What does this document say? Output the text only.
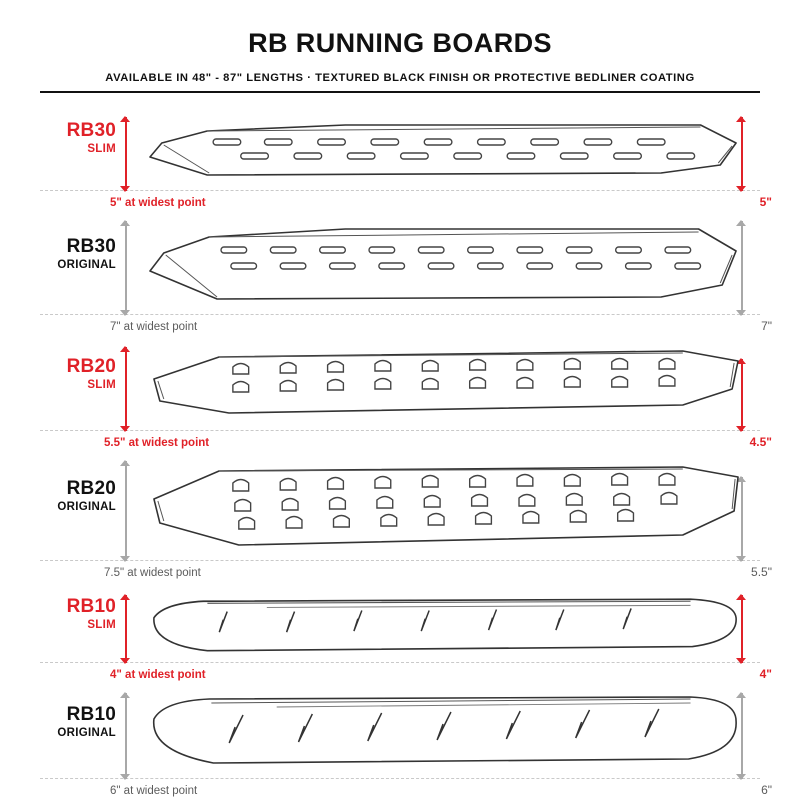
RB RUNNING BOARDS
AVAILABLE IN 48" - 87" LENGTHS · TEXTURED BLACK FINISH OR PROTECTIVE BEDLINER COATING
RB30
SLIM
5" at widest point	5"
RB30
ORIGINAL
7" at widest point	7"
RB20
SLIM
5.5" at widest point	4.5"
RB20
ORIGINAL
7.5" at widest point	5.5"
RB10
SLIM
4" at widest point	4"
RB10
ORIGINAL
6" at widest point	6"
